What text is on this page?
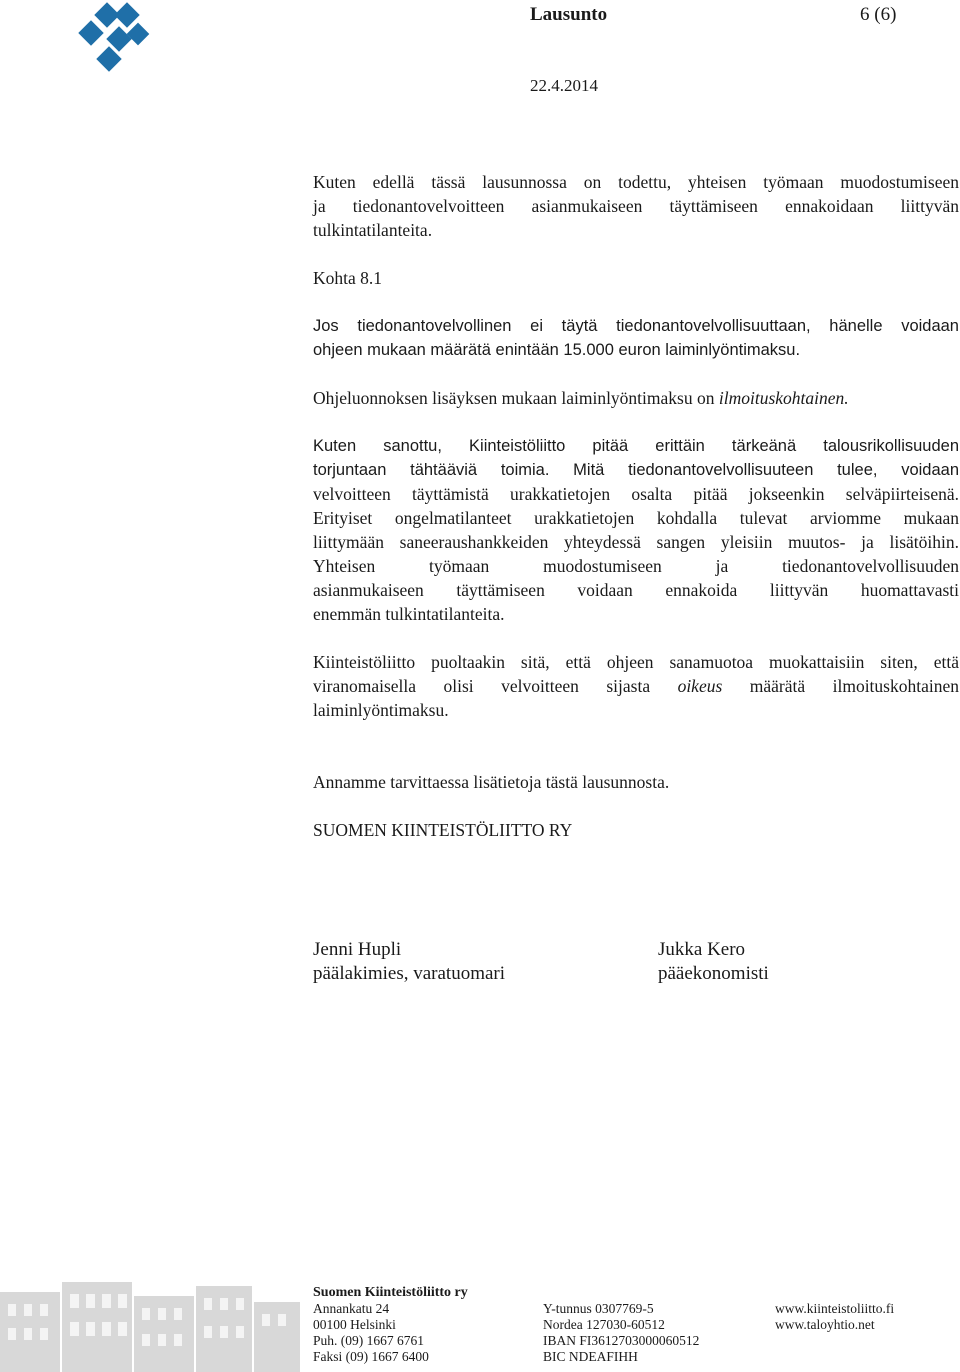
Lausunto	6 (6)
22.4.2014

Kuten edellä tässä lausunnossa on todettu, yhteisen työmaan muodostumiseen

ja tiedonantovelvoitteen asianmukaiseen täyttämiseen ennakoidaan liittyvän

tulkintatilanteita.

Kohta 8.1

Jos tiedonantovelvollinen ei täytä tiedonantovelvollisuuttaan, hänelle voidaan

ohjeen mukaan määrätä enintään 15.000 euron laiminlyöntimaksu.

Ohjeluonnoksen lisäyksen mukaan laiminlyöntimaksu on ilmoituskohtainen.

Kuten sanottu, Kiinteistöliitto pitää erittäin tärkeänä talousrikollisuuden

torjuntaan tähtääviä toimia. Mitä tiedonantovelvollisuuteen tulee, voidaan

velvoitteen täyttämistä urakkatietojen osalta pitää jokseenkin selväpiirteisenä.

Erityiset ongelmatilanteet urakkatietojen kohdalla tulevat arviomme mukaan

liittymään saneeraushankkeiden yhteydessä sangen yleisiin muutos- ja lisätöihin.

Yhteisen työmaan muodostumiseen ja tiedonantovelvollisuuden

asianmukaiseen täyttämiseen voidaan ennakoida liittyvän huomattavasti

enemmän tulkintatilanteita.

Kiinteistöliitto puoltaakin sitä, että ohjeen sanamuotoa muokattaisiin siten, että

viranomaisella olisi velvoitteen sijasta oikeus määrätä ilmoituskohtainen

laiminlyöntimaksu.

Annamme tarvittaessa lisätietoja tästä lausunnosta.
SUOMEN KIINTEISTÖLIITTO RY
Jenni Hupli
päälakimies, varatuomari
Jukka Kero
pääekonomisti
Suomen Kiinteistöliitto ry
Annankatu 24
00100 Helsinki
Puh. (09) 1667 6761
Faksi (09) 1667 6400
Y-tunnus 0307769-5
Nordea 127030-60512
IBAN FI3612703000060512
BIC NDEAFIHH
www.kiinteistoliitto.fi
www.taloyhtio.net
